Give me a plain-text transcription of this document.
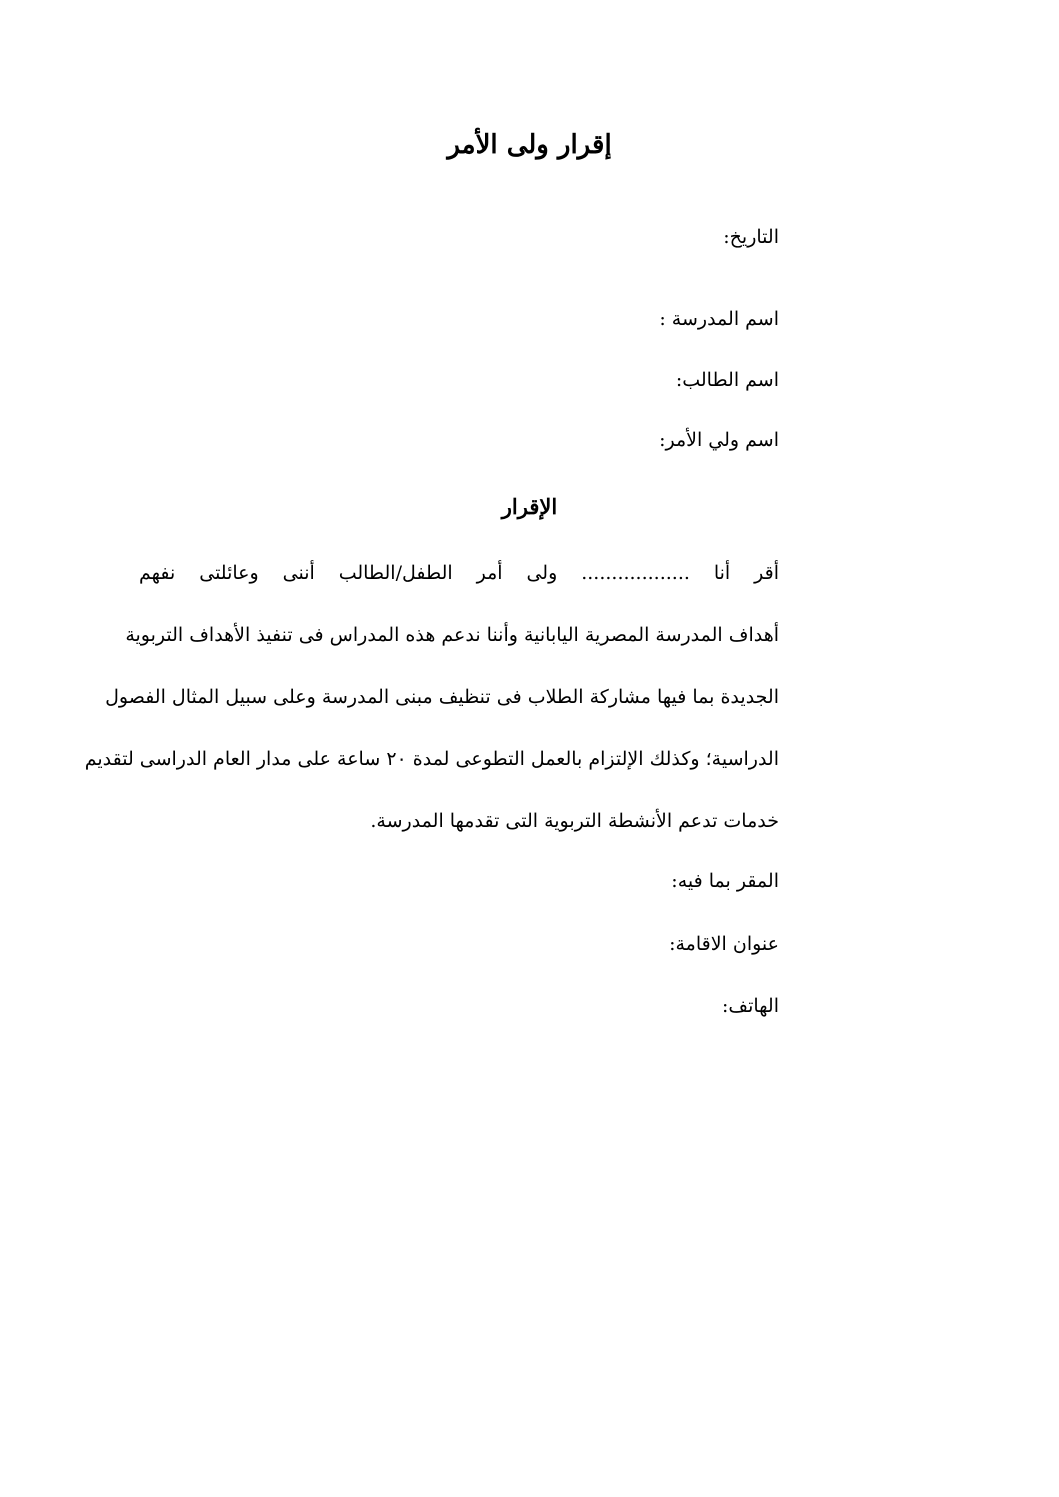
إقرار ولى الأمر
التاريخ:
اسم المدرسة :
اسم الطالب:
اسم ولي الأمر:
الإقرار
أقر أنا .................. ولى أمر الطفل/الطالب أننى وعائلتى نفهم
أهداف المدرسة المصرية اليابانية وأننا ندعم هذه المدراس فى تنفيذ الأهداف التربوية
الجديدة بما فيها مشاركة الطلاب فى تنظيف مبنى المدرسة وعلى سبيل المثال الفصول
الدراسية؛ وكذلك الإلتزام بالعمل التطوعى لمدة ٢٠ ساعة على مدار العام الدراسى لتقديم
خدمات تدعم الأنشطة التربوية التى تقدمها المدرسة.
المقر بما فيه:
عنوان الاقامة:
الهاتف:
